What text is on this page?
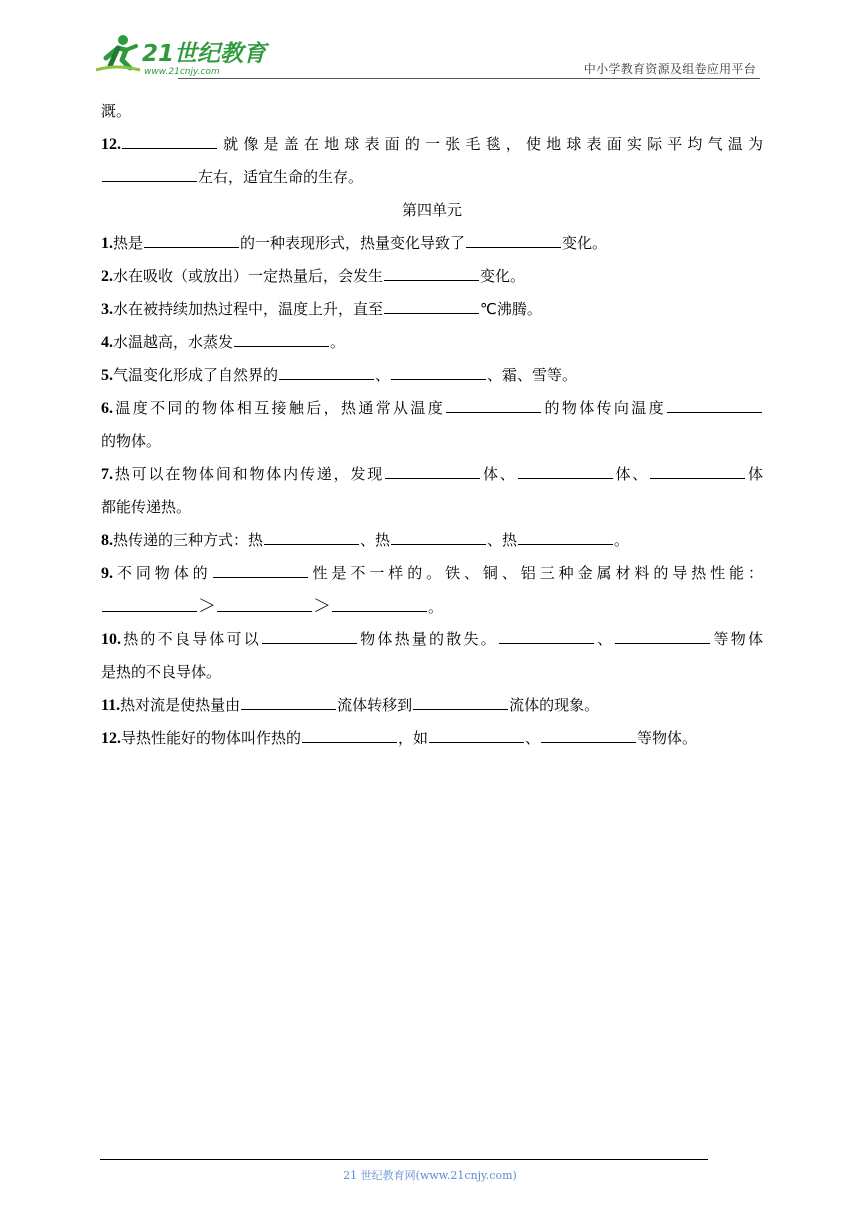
21世纪教育
www.21cnjy.com	中小学教育资源及组卷应用平台
溉。
12.	就像是盖在地球表面的一张毛毯，使地球表面实际平均气温为
左右，适宜生命的生存。
第四单元
1.热是	的一种表现形式，热量变化导致了	变化。
2.水在吸收（或放出）一定热量后，会发生	变化。
3.水在被持续加热过程中，温度上升，直至	℃沸腾。
4.水温越高，水蒸发	。
5.气温变化形成了自然界的	、	、霜、雪等。
6.温度不同的物体相互接触后，热通常从温度	的物体传向温度
的物体。
7.热可以在物体间和物体内传递，发现	体、	体、	体
都能传递热。
8.热传递的三种方式：热	、热	、热	。
9.不同物体的	性是不一样的。铁、铜、铝三种金属材料的导热性能：
＞	＞	。
10.热的不良导体可以	物体热量的散失。	、	等物体
是热的不良导体。
11.热对流是使热量由	流体转移到	流体的现象。
12.导热性能好的物体叫作热的	，如	、	等物体。
21 世纪教育网(www.21cnjy.com)
